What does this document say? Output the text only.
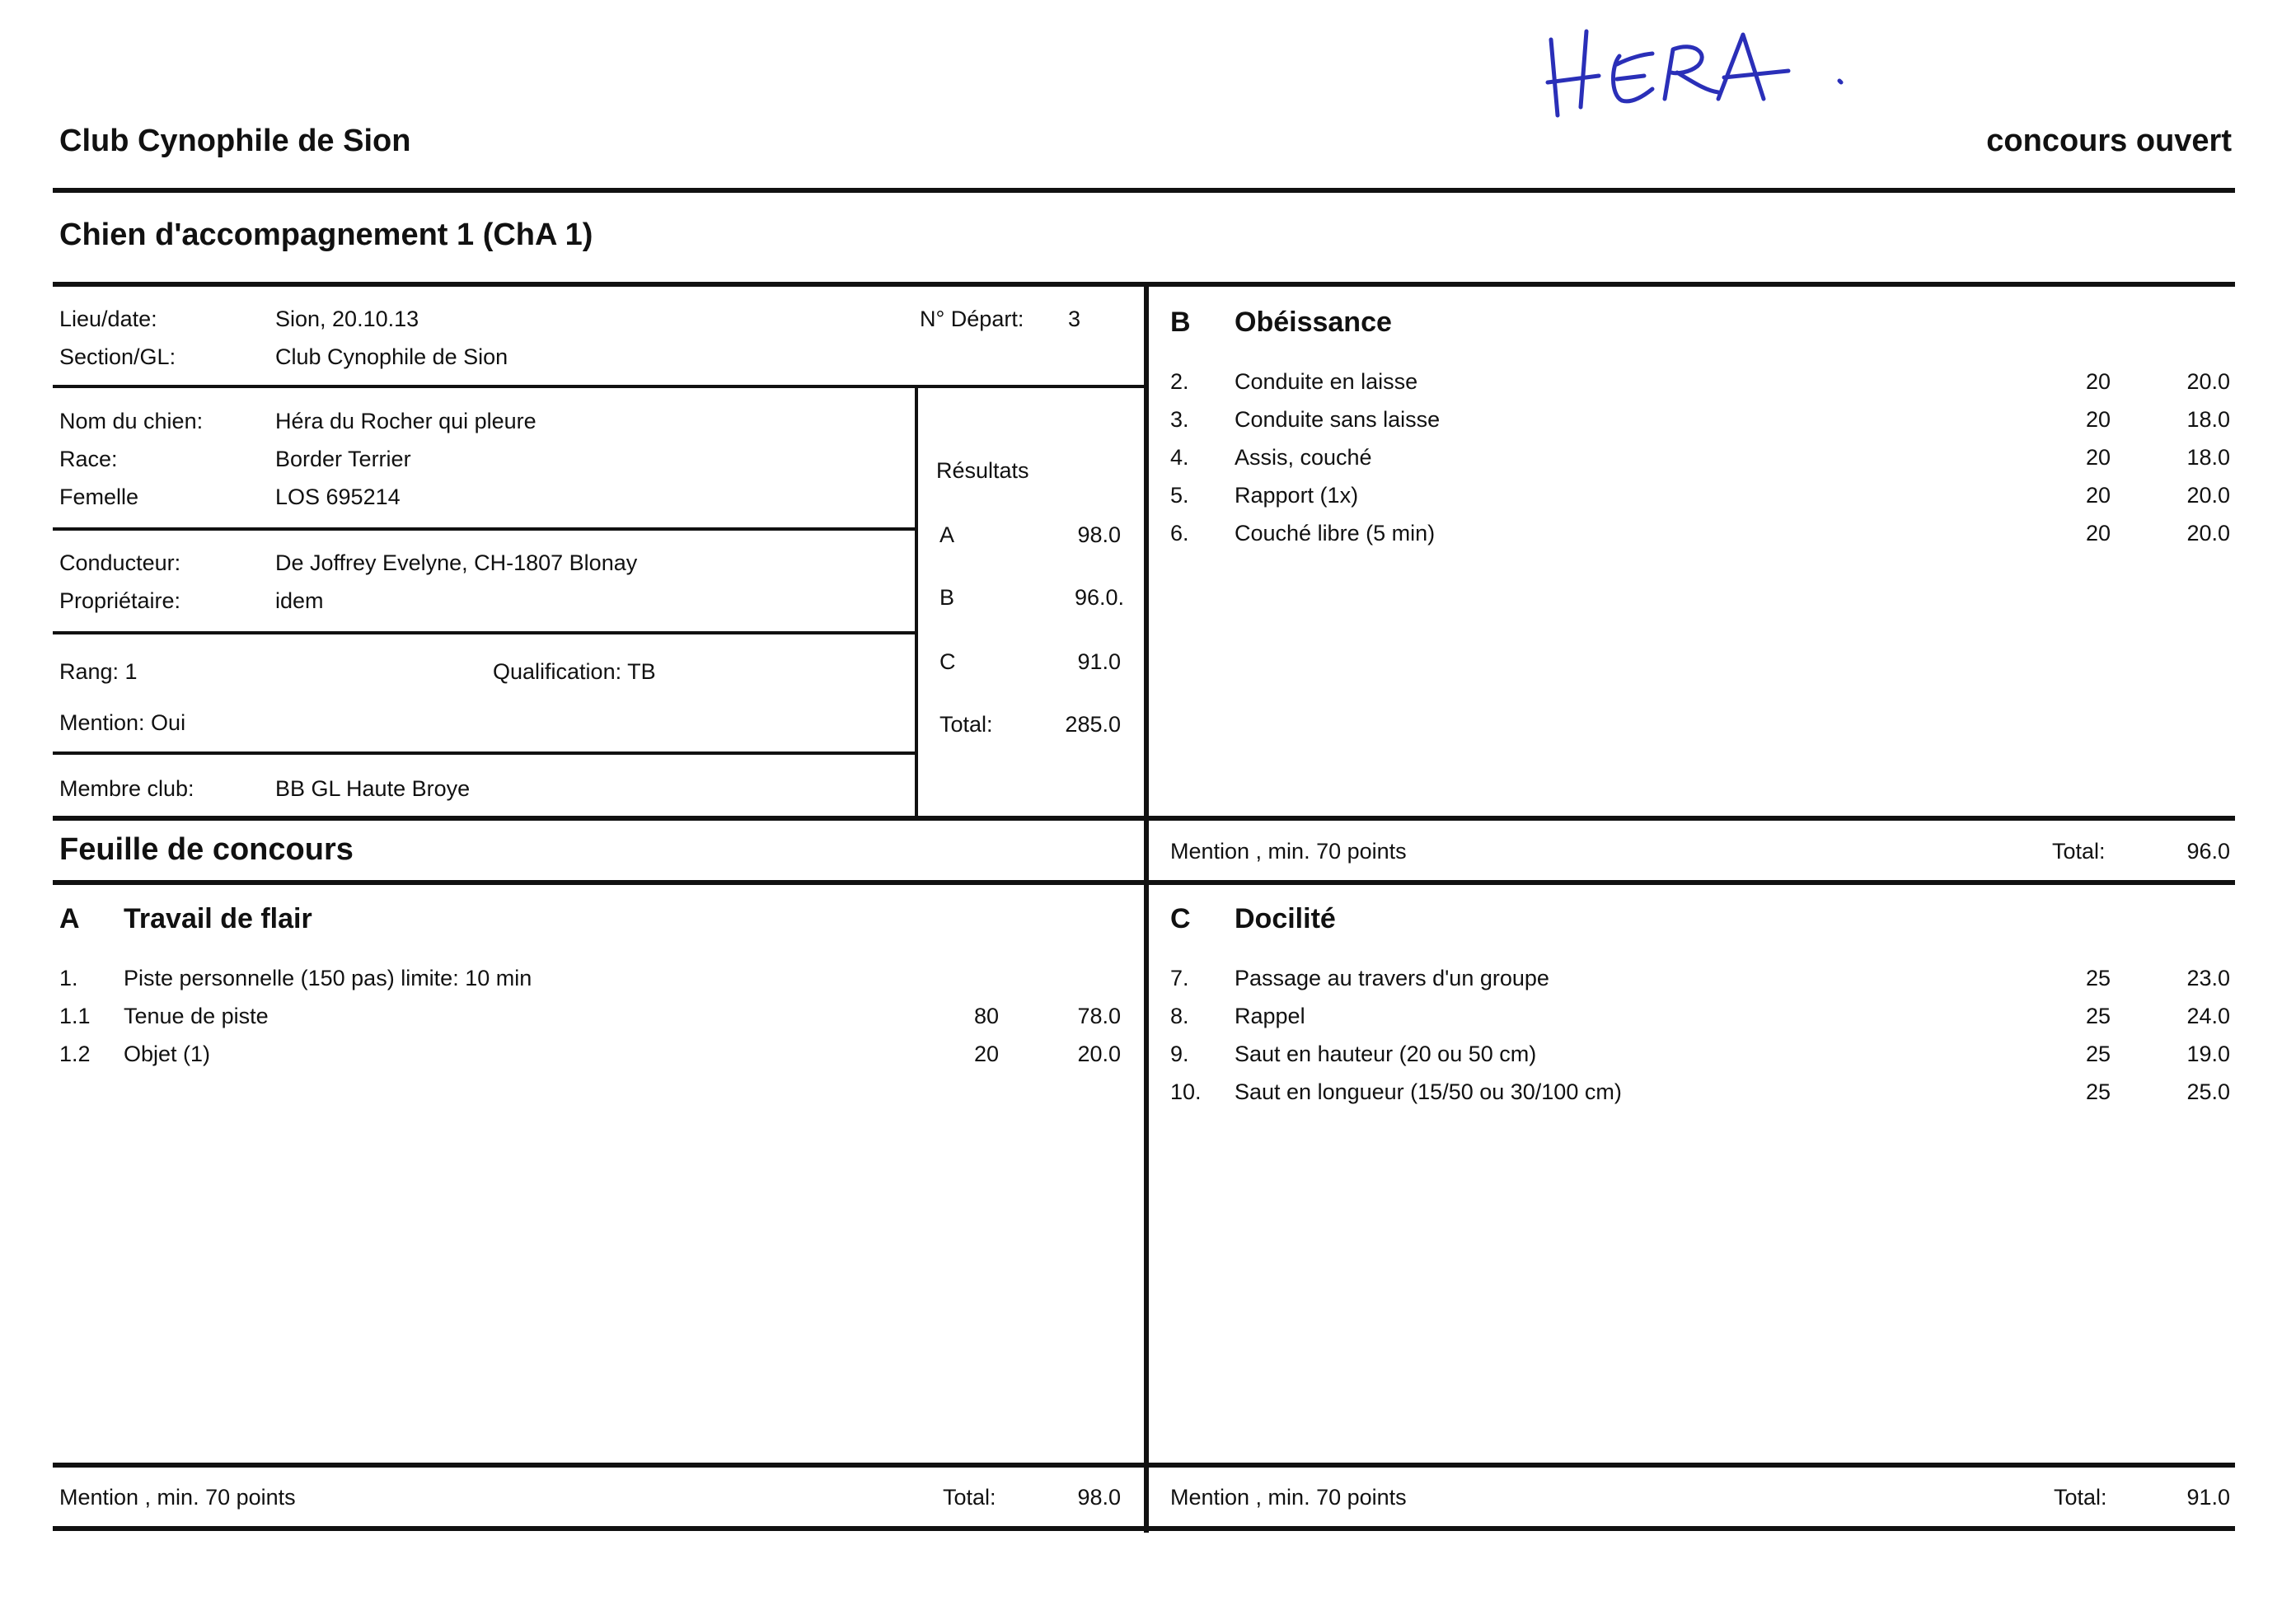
Club Cynophile de Sion	concours ouvert
Chien d'accompagnement 1 (ChA 1)
Lieu/date:	Sion, 20.10.13	N° Départ: 3
Section/GL:	Club Cynophile de Sion
Nom du chien:	Héra du Rocher qui pleure
Race:	Border Terrier
Femelle	LOS 695214
Conducteur:	De Joffrey Evelyne, CH-1807 Blonay
Propriétaire:	idem
Rang: 1	Qualification: TB
Mention: Oui
Membre club:	BB GL Haute Broye
Résultats
A	98.0
B	96.0.
C	91.0
Total:	285.0
B Obéissance
2. Conduite en laisse	20	20.0
3. Conduite sans laisse	20	18.0
4. Assis, couché	20	18.0
5. Rapport (1x)	20	20.0
6. Couché libre (5 min)	20	20.0
Feuille de concours	Mention , min. 70 points	Total:	96.0
A Travail de flair
1. Piste personnelle (150 pas) limite: 10 min
1.1 Tenue de piste	80	78.0
1.2 Objet (1)	20	20.0
C Docilité
7. Passage au travers d'un groupe	25	23.0
8. Rappel	25	24.0
9. Saut en hauteur (20 ou 50 cm)	25	19.0
10. Saut en longueur (15/50 ou 30/100 cm)	25	25.0
Mention , min. 70 points	Total:	98.0 Mention , min. 70 points	Total:	91.0
